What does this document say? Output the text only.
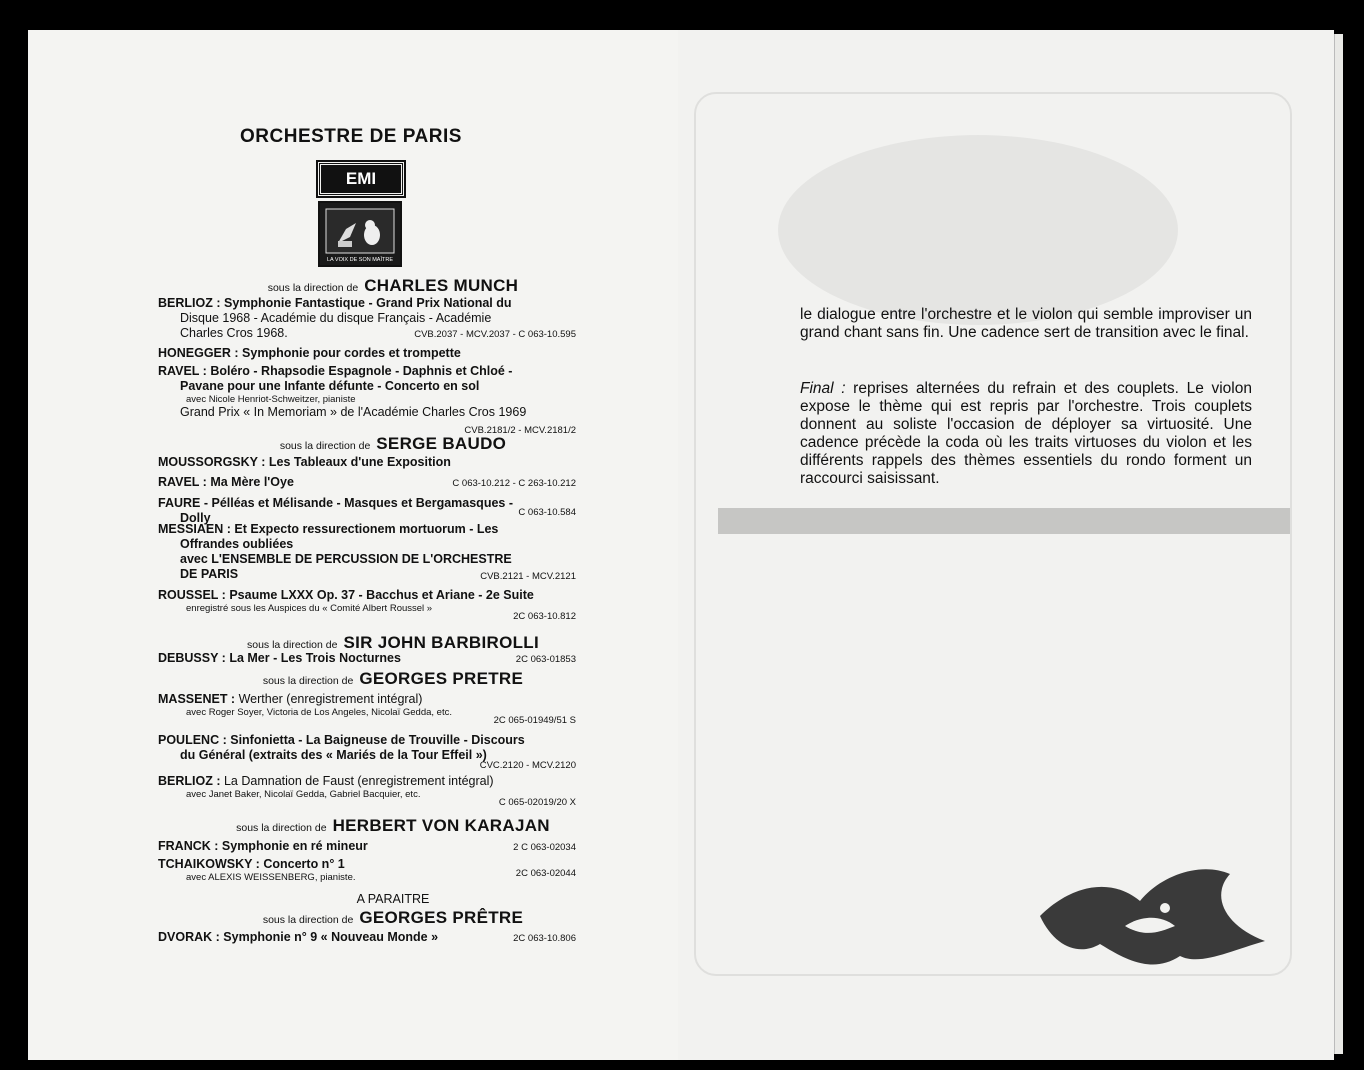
ORCHESTRE DE PARIS
EMI
LA VOIX DE SON MAÎTRE
sous la direction de CHARLES MUNCH
BERLIOZ : Symphonie Fantastique - Grand Prix National du
Disque 1968 - Académie du disque Français - Académie
Charles Cros 1968.	CVB.2037 - MCV.2037 - C 063-10.595
HONEGGER : Symphonie pour cordes et trompette
RAVEL : Boléro - Rhapsodie Espagnole - Daphnis et Chloé -
Pavane pour une Infante défunte - Concerto en sol
avec Nicole Henriot-Schweitzer, pianiste
Grand Prix « In Memoriam » de l'Académie Charles Cros 1969
CVB.2181/2 - MCV.2181/2
sous la direction de SERGE BAUDO
MOUSSORGSKY : Les Tableaux d'une Exposition
RAVEL : Ma Mère l'Oye	C 063-10.212 - C 263-10.212
FAURE - Pélléas et Mélisande - Masques et Bergamasques -
Dolly	C 063-10.584
MESSIAEN : Et Expecto ressurectionem mortuorum - Les
Offrandes oubliées
avec L'ENSEMBLE DE PERCUSSION DE L'ORCHESTRE
DE PARIS	CVB.2121 - MCV.2121
ROUSSEL : Psaume LXXX Op. 37 - Bacchus et Ariane - 2e Suite
enregistré sous les Auspices du « Comité Albert Roussel »
2C 063-10.812
sous la direction de SIR JOHN BARBIROLLI
DEBUSSY : La Mer - Les Trois Nocturnes	2C 063-01853
sous la direction de GEORGES PRETRE
MASSENET : Werther (enregistrement intégral)
avec Roger Soyer, Victoria de Los Angeles, Nicolaï Gedda, etc.
2C 065-01949/51 S
POULENC : Sinfonietta - La Baigneuse de Trouville - Discours
du Général (extraits des « Mariés de la Tour Effeil »)
CVC.2120 - MCV.2120
BERLIOZ : La Damnation de Faust (enregistrement intégral)
avec Janet Baker, Nicolaï Gedda, Gabriel Bacquier, etc.
C 065-02019/20 X
sous la direction de HERBERT VON KARAJAN
FRANCK : Symphonie en ré mineur	2 C 063-02034
TCHAIKOWSKY : Concerto n° 1
avec ALEXIS WEISSENBERG, pianiste.	2C 063-02044
A PARAITRE
sous la direction de GEORGES PRÊTRE
DVORAK : Symphonie n° 9 « Nouveau Monde »	2C 063-10.806
le dialogue entre l'orchestre et le violon qui semble improviser un grand chant sans fin. Une cadence sert de transition avec le final.
Final : reprises alternées du refrain et des couplets. Le violon expose le thème qui est repris par l'orchestre. Trois couplets donnent au soliste l'occasion de déployer sa virtuosité. Une cadence précède la coda où les traits virtuoses du violon et les différents rappels des thèmes essentiels du rondo forment un raccourci saisissant.
